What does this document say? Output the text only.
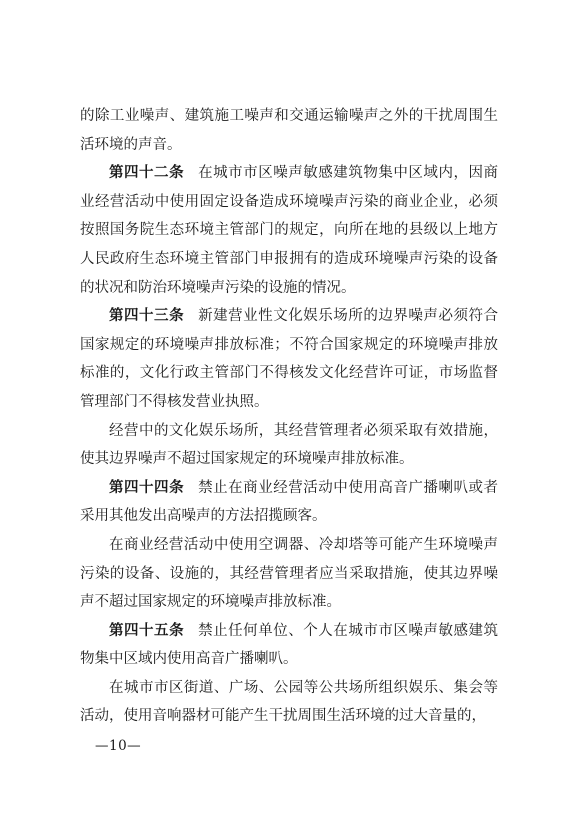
的除工业噪声、建筑施工噪声和交通运输噪声之外的干扰周围生活环境的声音。

第四十二条 在城市市区噪声敏感建筑物集中区域内，因商业经营活动中使用固定设备造成环境噪声污染的商业企业，必须按照国务院生态环境主管部门的规定，向所在地的县级以上地方人民政府生态环境主管部门申报拥有的造成环境噪声污染的设备的状况和防治环境噪声污染的设施的情况。

第四十三条 新建营业性文化娱乐场所的边界噪声必须符合国家规定的环境噪声排放标准；不符合国家规定的环境噪声排放标准的，文化行政主管部门不得核发文化经营许可证，市场监督管理部门不得核发营业执照。

经营中的文化娱乐场所，其经营管理者必须采取有效措施，使其边界噪声不超过国家规定的环境噪声排放标准。

第四十四条 禁止在商业经营活动中使用高音广播喇叭或者采用其他发出高噪声的方法招揽顾客。

在商业经营活动中使用空调器、冷却塔等可能产生环境噪声污染的设备、设施的，其经营管理者应当采取措施，使其边界噪声不超过国家规定的环境噪声排放标准。

第四十五条 禁止任何单位、个人在城市市区噪声敏感建筑物集中区域内使用高音广播喇叭。

在城市市区街道、广场、公园等公共场所组织娱乐、集会等活动，使用音响器材可能产生干扰周围生活环境的过大音量的，

—10—
